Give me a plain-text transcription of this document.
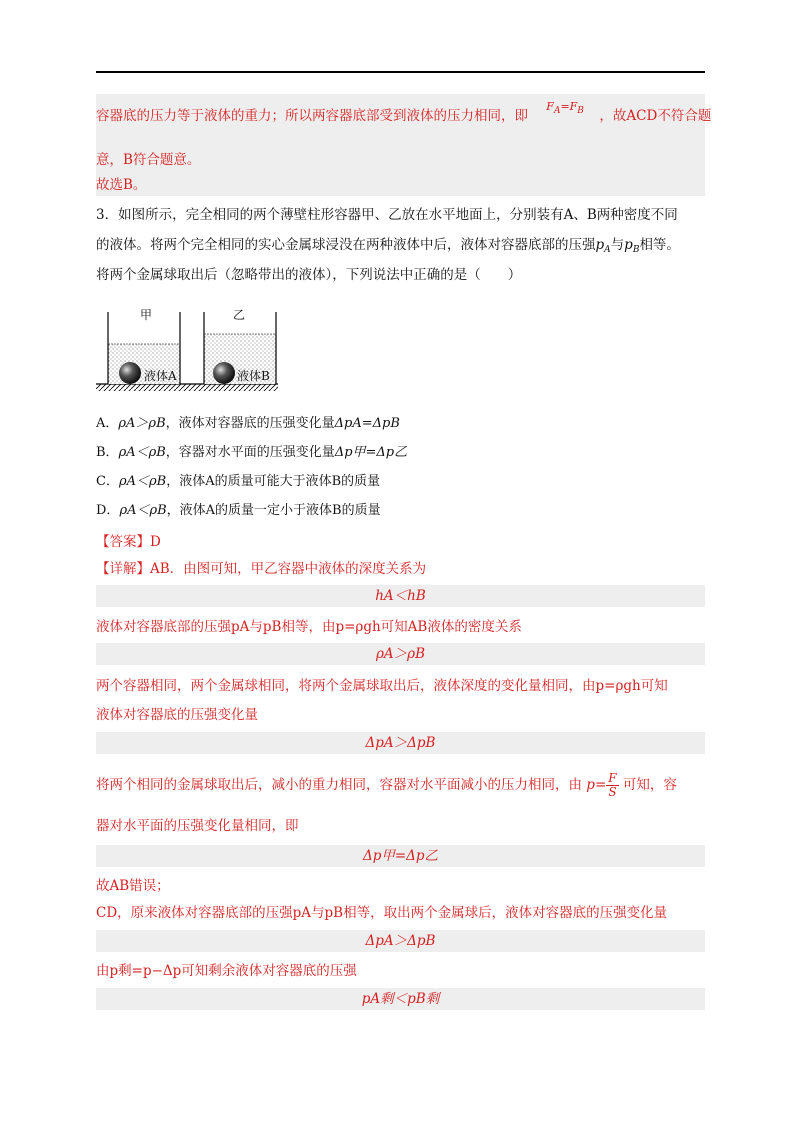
容器底的压力等于液体的重力；所以两容器底部受到液体的压力相同，即 $^{F_A=F_B}$ ，故ACD不符合题
意，B符合题意。
故选B。
3．如图所示，完全相同的两个薄壁柱形容器甲、乙放在水平地面上，分别装有A、B两种密度不同
的液体。将两个完全相同的实心金属球浸没在两种液体中后，液体对容器底部的压强$p_A$与$p_B$相等。
将两个金属球取出后（忽略带出的液体），下列说法中正确的是（　　）
甲	乙
液体A	液体B
A．ρA＞ρB，液体对容器底的压强变化量ΔpA=ΔpB
B．ρA＜ρB，容器对水平面的压强变化量Δp甲=Δp乙
C．ρA＜ρB，液体A的质量可能大于液体B的质量
D．ρA＜ρB，液体A的质量一定小于液体B的质量
【答案】D
【详解】AB．由图可知，甲乙容器中液体的深度关系为
hA＜hB
液体对容器底部的压强pA与pB相等，由p=ρgh可知AB液体的密度关系
ρA＞ρB
两个容器相同，两个金属球相同，将两个金属球取出后，液体深度的变化量相同，由p=ρgh可知
液体对容器底的压强变化量
ΔpA＞ΔpB
将两个相同的金属球取出后，减小的重力相同，容器对水平面减小的压力相同，由 $p= \frac{F}{S}$ 可知，容
器对水平面的压强变化量相同，即
Δp甲=Δp乙
故AB错误；
CD，原来液体对容器底部的压强pA与pB相等，取出两个金属球后，液体对容器底的压强变化量
ΔpA＞ΔpB
由p剩=p−Δp可知剩余液体对容器底的压强
pA剩＜pB剩
